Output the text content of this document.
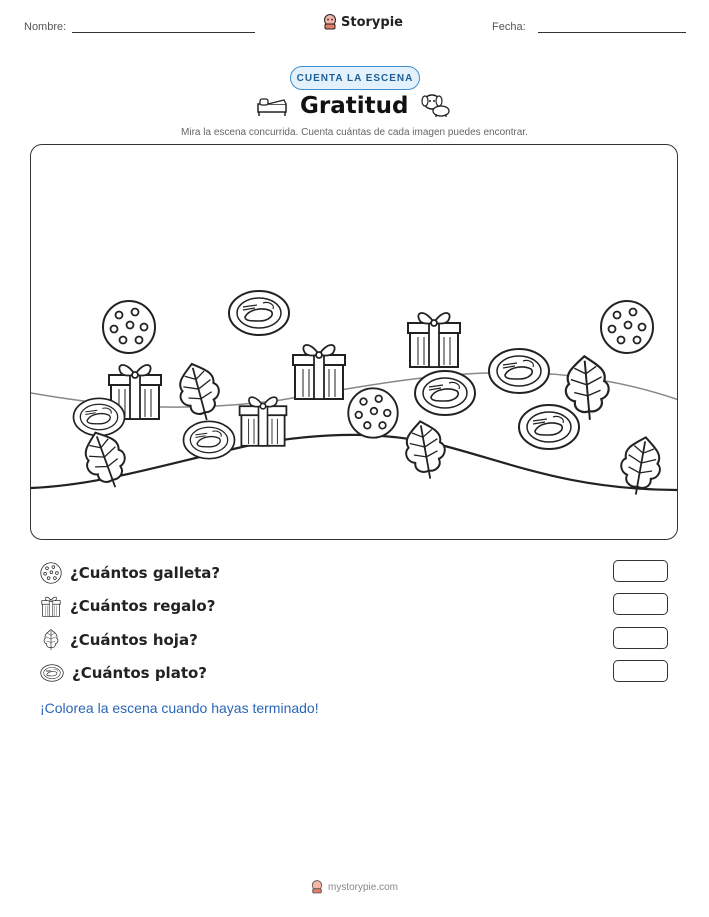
Nombre:	Storypie	Fecha:
CUENTA LA ESCENA
Gratitud
Mira la escena concurrida. Cuenta cuántas de cada imagen puedes encontrar.
¿Cuántos galleta?
¿Cuántos regalo?
¿Cuántos hoja?
¿Cuántos plato?
¡Colorea la escena cuando hayas terminado!
mystorypie.com
